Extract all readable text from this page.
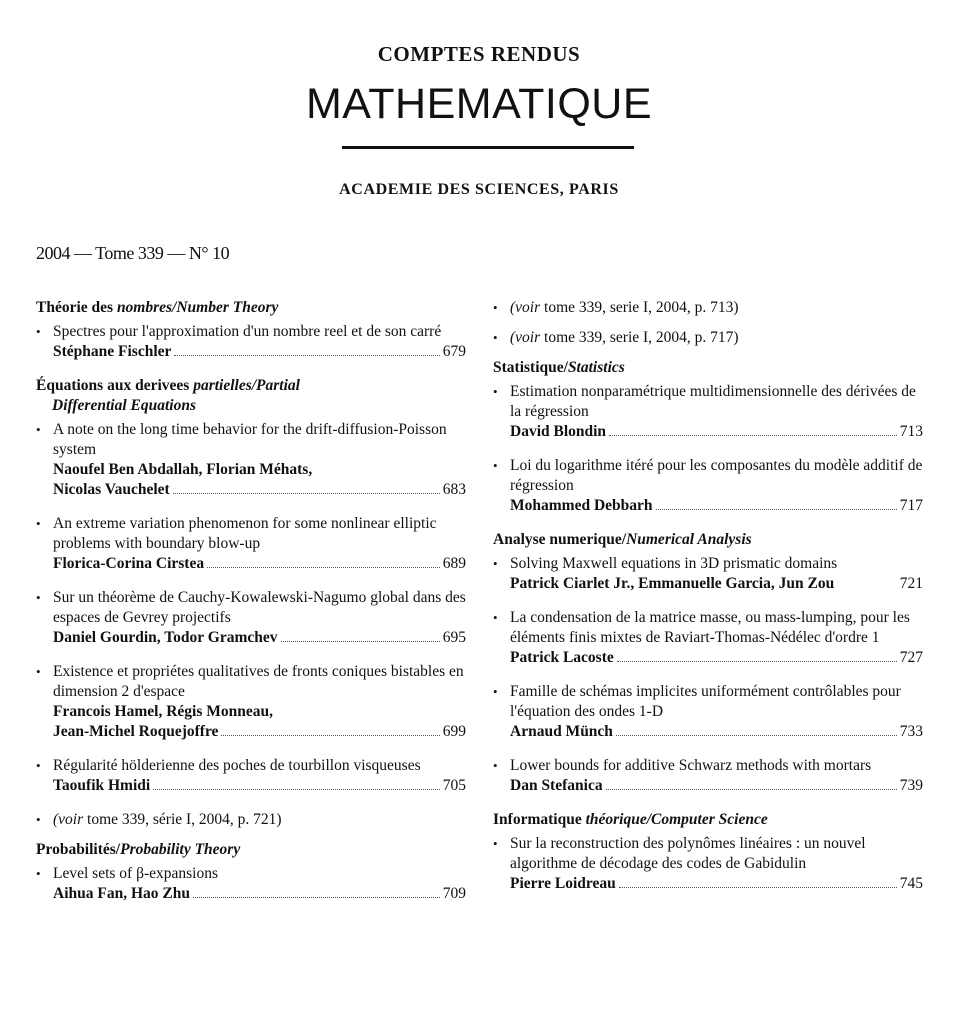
COMPTES RENDUS
MATHEMATIQUE
ACADEMIE DES SCIENCES, PARIS
2004 — Tome 339 — N° 10
Théorie des nombres/Number Theory
• Spectres pour l'approximation d'un nombre reel et de son carré
Stéphane Fischler	679
Équations aux derivees partielles/Partial
Differential Equations
• A note on the long time behavior for the drift-diffusion-Poisson system
Naoufel Ben Abdallah, Florian Méhats,
Nicolas Vauchelet	683
• An extreme variation phenomenon for some nonlinear elliptic problems with boundary blow-up
Florica-Corina Cirstea	689
• Sur un théorème de Cauchy-Kowalewski-Nagumo global dans des espaces de Gevrey projectifs
Daniel Gourdin, Todor Gramchev	695
• Existence et propriétes qualitatives de fronts coniques bistables en dimension 2 d'espace
Francois Hamel, Régis Monneau,
Jean-Michel Roquejoffre	699
• Régularité hölderienne des poches de tourbillon visqueuses
Taoufik Hmidi	705
• (voir tome 339, série I, 2004, p. 721)
Probabilités/Probability Theory
• Level sets of β-expansions
Aihua Fan, Hao Zhu	709
• (voir tome 339, serie I, 2004, p. 713)
• (voir tome 339, serie I, 2004, p. 717)
Statistique/Statistics
• Estimation nonparamétrique multidimensionnelle des dérivées de la régression
David Blondin	713
• Loi du logarithme itéré pour les composantes du modèle additif de régression
Mohammed Debbarh	717
Analyse numerique/Numerical Analysis
• Solving Maxwell equations in 3D prismatic domains
Patrick Ciarlet Jr., Emmanuelle Garcia, Jun Zou	721
• La condensation de la matrice masse, ou mass-lumping, pour les éléments finis mixtes de Raviart-Thomas-Nédélec d'ordre 1
Patrick Lacoste	727
• Famille de schémas implicites uniformément contrôlables pour l'équation des ondes 1-D
Arnaud Münch	733
• Lower bounds for additive Schwarz methods with mortars
Dan Stefanica	739
Informatique théorique/Computer Science
• Sur la reconstruction des polynômes linéaires : un nouvel algorithme de décodage des codes de Gabidulin
Pierre Loidreau	745
